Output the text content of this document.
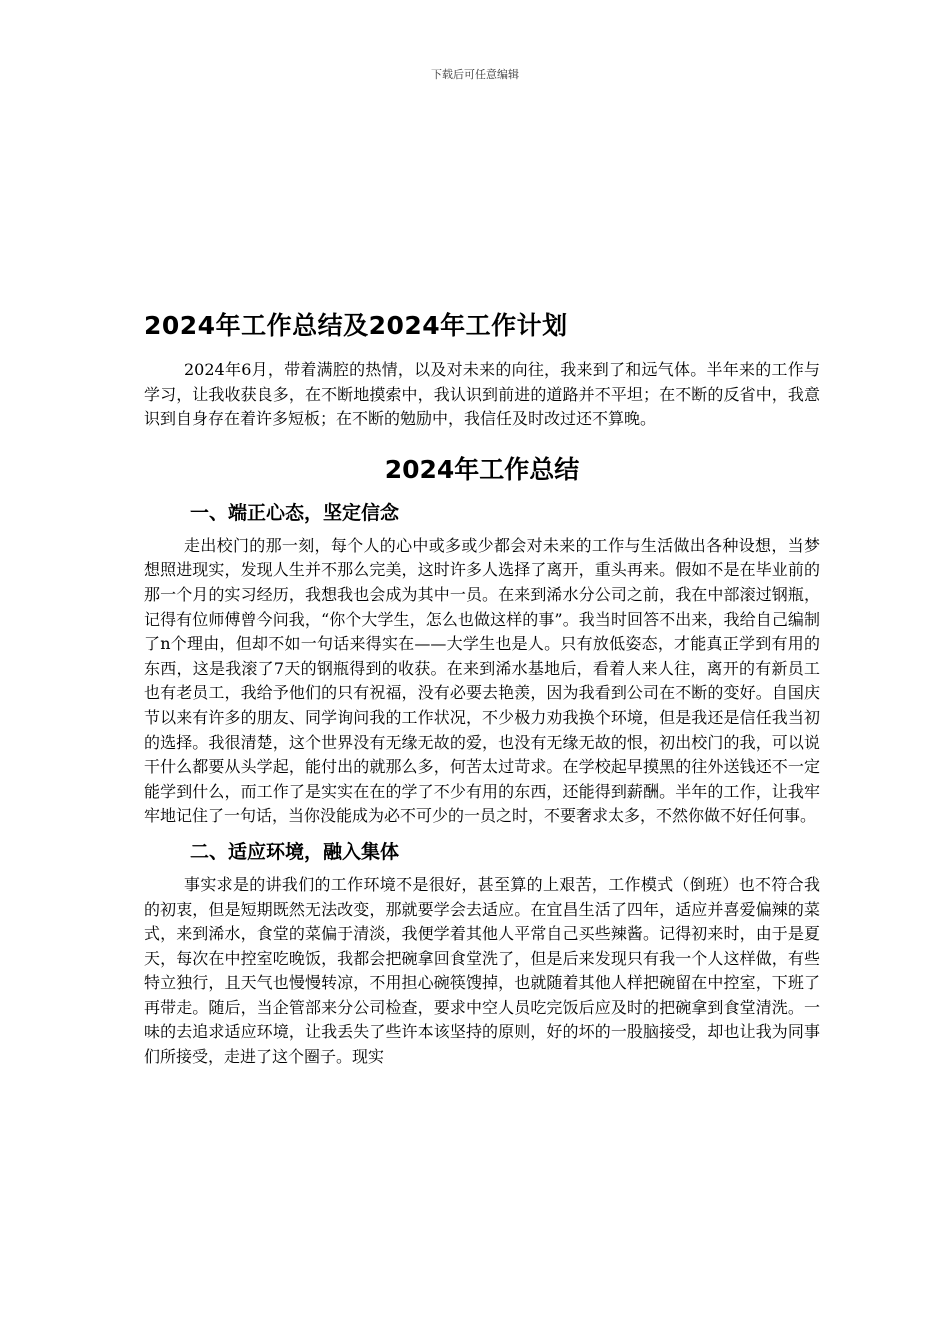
下载后可任意编辑
2024年工作总结及2024年工作计划

2024年6月，带着满腔的热情，以及对未来的向往，我来到了和远气体。半年来的工作与学习，让我收获良多，在不断地摸索中，我认识到前进的道路并不平坦；在不断的反省中，我意识到自身存在着许多短板；在不断的勉励中，我信任及时改过还不算晚。

2024年工作总结
一、端正心态，坚定信念

走出校门的那一刻，每个人的心中或多或少都会对未来的工作与生活做出各种设想，当梦想照进现实，发现人生并不那么完美，这时许多人选择了离开，重头再来。假如不是在毕业前的那一个月的实习经历，我想我也会成为其中一员。在来到浠水分公司之前，我在中部滚过钢瓶，记得有位师傅曾今问我，“你个大学生，怎么也做这样的事”。我当时回答不出来，我给自己编制了n个理由，但却不如一句话来得实在——大学生也是人。只有放低姿态，才能真正学到有用的东西，这是我滚了7天的钢瓶得到的收获。在来到浠水基地后，看着人来人往，离开的有新员工也有老员工，我给予他们的只有祝福，没有必要去艳羡，因为我看到公司在不断的变好。自国庆节以来有许多的朋友、同学询问我的工作状况，不少极力劝我换个环境，但是我还是信任我当初的选择。我很清楚，这个世界没有无缘无故的爱，也没有无缘无故的恨，初出校门的我，可以说干什么都要从头学起，能付出的就那么多，何苦太过苛求。在学校起早摸黑的往外送钱还不一定能学到什么，而工作了是实实在在的学了不少有用的东西，还能得到薪酬。半年的工作，让我牢牢地记住了一句话，当你没能成为必不可少的一员之时，不要奢求太多，不然你做不好任何事。

二、适应环境，融入集体

事实求是的讲我们的工作环境不是很好，甚至算的上艰苦，工作模式（倒班）也不符合我的初衷，但是短期既然无法改变，那就要学会去适应。在宜昌生活了四年，适应并喜爱偏辣的菜式，来到浠水，食堂的菜偏于清淡，我便学着其他人平常自己买些辣酱。记得初来时，由于是夏天，每次在中控室吃晚饭，我都会把碗拿回食堂洗了，但是后来发现只有我一个人这样做，有些特立独行，且天气也慢慢转凉，不用担心碗筷馊掉，也就随着其他人样把碗留在中控室，下班了再带走。随后，当企管部来分公司检查，要求中空人员吃完饭后应及时的把碗拿到食堂清洗。一味的去追求适应环境，让我丢失了些许本该坚持的原则，好的坏的一股脑接受，却也让我为同事们所接受，走进了这个圈子。现实
